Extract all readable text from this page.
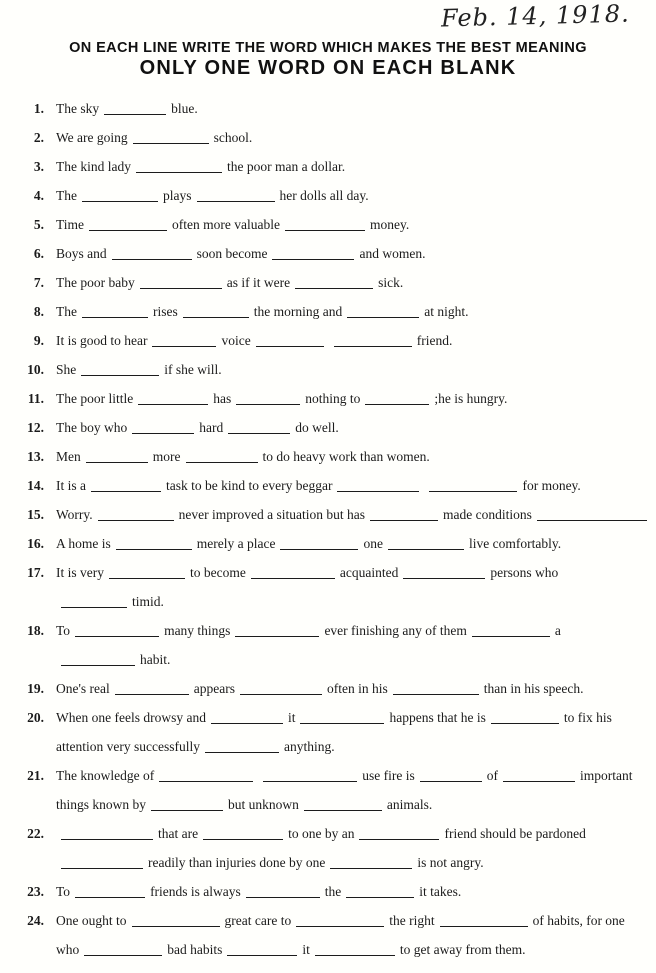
Feb. 14, 1918.
ON EACH LINE WRITE THE WORD WHICH MAKES THE BEST MEANING
ONLY ONE WORD ON EACH BLANK
1. The sky	blue.
2. We are going	school.
3. The kind lady	the poor man a dollar.
4. The	plays	her dolls all day.
5. Time	often more valuable	money.
6. Boys and	soon become	and women.
7. The poor baby	as if it were	sick.
8. The	rises	the morning and	at night.
9. It is good to hear	voice	friend.
10. She	if she will.
11. The poor little	has	nothing to	;he is hungry.
12. The boy who	hard	do well.
13. Men	more	to do heavy work than women.
14. It is a	task to be kind to every beggar	for money.
15. Worry.	never improved a situation but has	made conditions
16. A home is	merely a place	one	live comfortably.
17. It is very	to become	acquainted	persons who
timid.
18. To	many things	ever finishing any of them	a
habit.
19. One's real	appears	often in his	than in his speech.
20. When one feels drowsy and	it	happens that he is	to fix his
attention very successfully	anything.
21. The knowledge of	use fire is	of	important
things known by	but unknown	animals.
22.	that are	to one by an	friend should be pardoned
readily than injuries done by one	is not angry.
23. To	friends is always	the	it takes.
24. One ought to	great care to	the right	of habits, for one
who	bad habits	it	to get away from them.
